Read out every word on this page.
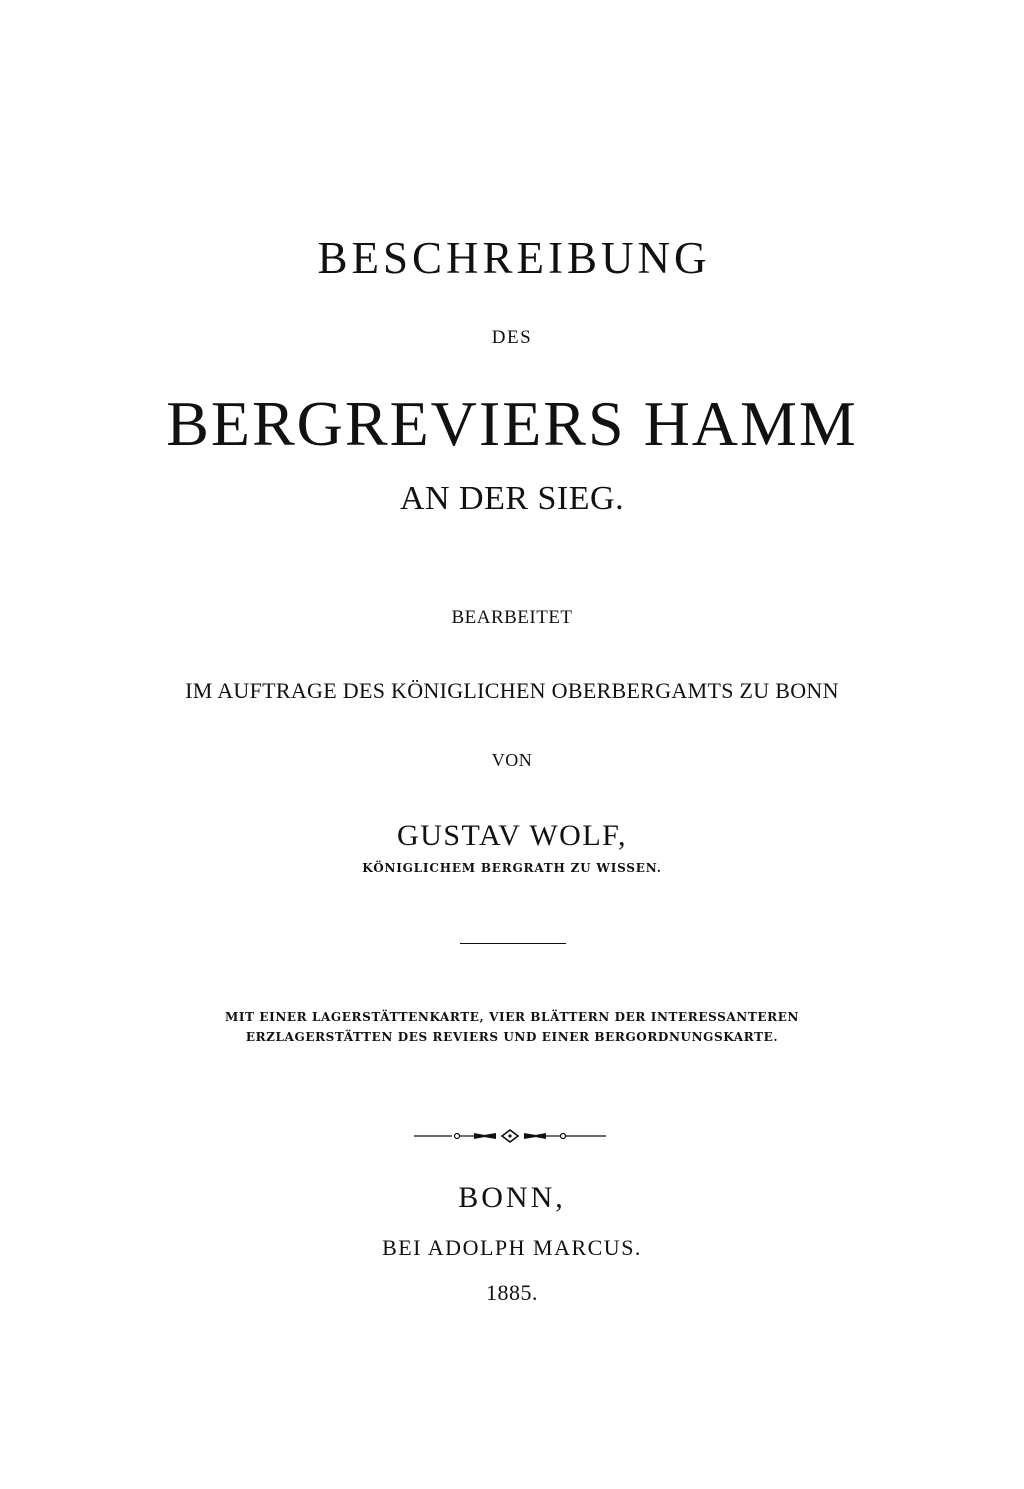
BESCHREIBUNG
DES
BERGREVIERS HAMM
AN DER SIEG.
BEARBEITET
IM AUFTRAGE DES KÖNIGLICHEN OBERBERGAMTS ZU BONN
VON
GUSTAV WOLF,
KÖNIGLICHEM BERGRATH ZU WISSEN.
MIT EINER LAGERSTÄTTENKARTE, VIER BLÄTTERN DER INTERESSANTEREN
ERZLAGERSTÄTTEN DES REVIERS UND EINER BERGORDNUNGSKARTE.
BONN,
BEI ADOLPH MARCUS.
1885.
